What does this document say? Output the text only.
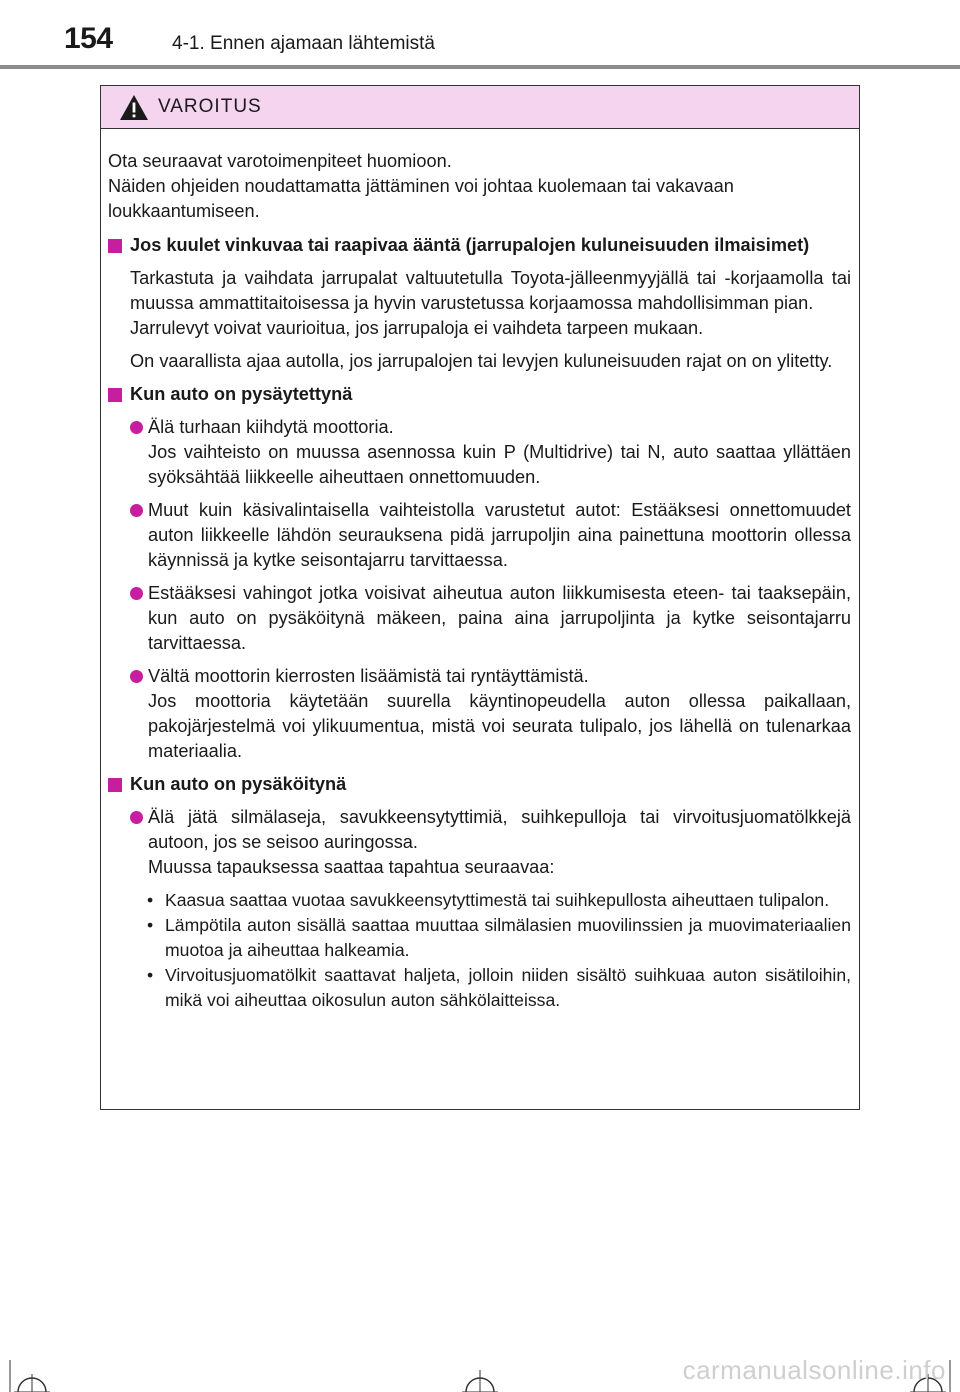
154	4-1. Ennen ajamaan lähtemistä
VAROITUS

Ota seuraavat varotoimenpiteet huomioon.

Näiden ohjeiden noudattamatta jättäminen voi johtaa kuolemaan tai vakavaan loukkaantumiseen.

Jos kuulet vinkuvaa tai raapivaa ääntä (jarrupalojen kuluneisuuden ilmaisimet)

Tarkastuta ja vaihdata jarrupalat valtuutetulla Toyota-jälleenmyyjällä tai -korjaamolla tai muussa ammattitaitoisessa ja hyvin varustetussa korjaamossa mahdollisimman pian.

Jarrulevyt voivat vaurioitua, jos jarrupaloja ei vaihdeta tarpeen mukaan.

On vaarallista ajaa autolla, jos jarrupalojen tai levyjen kuluneisuuden rajat on on ylitetty.

Kun auto on pysäytettynä

Älä turhaan kiihdytä moottoria.

Jos vaihteisto on muussa asennossa kuin P (Multidrive) tai N, auto saattaa yllättäen syöksähtää liikkeelle aiheuttaen onnettomuuden.

Muut kuin käsivalintaisella vaihteistolla varustetut autot: Estääksesi onnettomuudet auton liikkeelle lähdön seurauksena pidä jarrupoljin aina painettuna moottorin ollessa käynnissä ja kytke seisontajarru tarvittaessa.

Estääksesi vahingot jotka voisivat aiheutua auton liikkumisesta eteen- tai taaksepäin, kun auto on pysäköitynä mäkeen, paina aina jarrupoljinta ja kytke seisontajarru tarvittaessa.

Vältä moottorin kierrosten lisäämistä tai ryntäyttämistä.

Jos moottoria käytetään suurella käyntinopeudella auton ollessa paikallaan, pakojärjestelmä voi ylikuumentua, mistä voi seurata tulipalo, jos lähellä on tulenarkaa materiaalia.

Kun auto on pysäköitynä

Älä jätä silmälaseja, savukkeensytyttimiä, suihkepulloja tai virvoitusjuomatölkkejä autoon, jos se seisoo auringossa.

Muussa tapauksessa saattaa tapahtua seuraavaa:

• Kaasua saattaa vuotaa savukkeensytyttimestä tai suihkepullosta aiheuttaen tulipalon.
• Lämpötila auton sisällä saattaa muuttaa silmälasien muovilinssien ja muovimateriaalien muotoa ja aiheuttaa halkeamia.
• Virvoitusjuomatölkit saattavat haljeta, jolloin niiden sisältö suihkuaa auton sisätiloihin, mikä voi aiheuttaa oikosulun auton sähkölaitteissa.
carmanualsonline.info
